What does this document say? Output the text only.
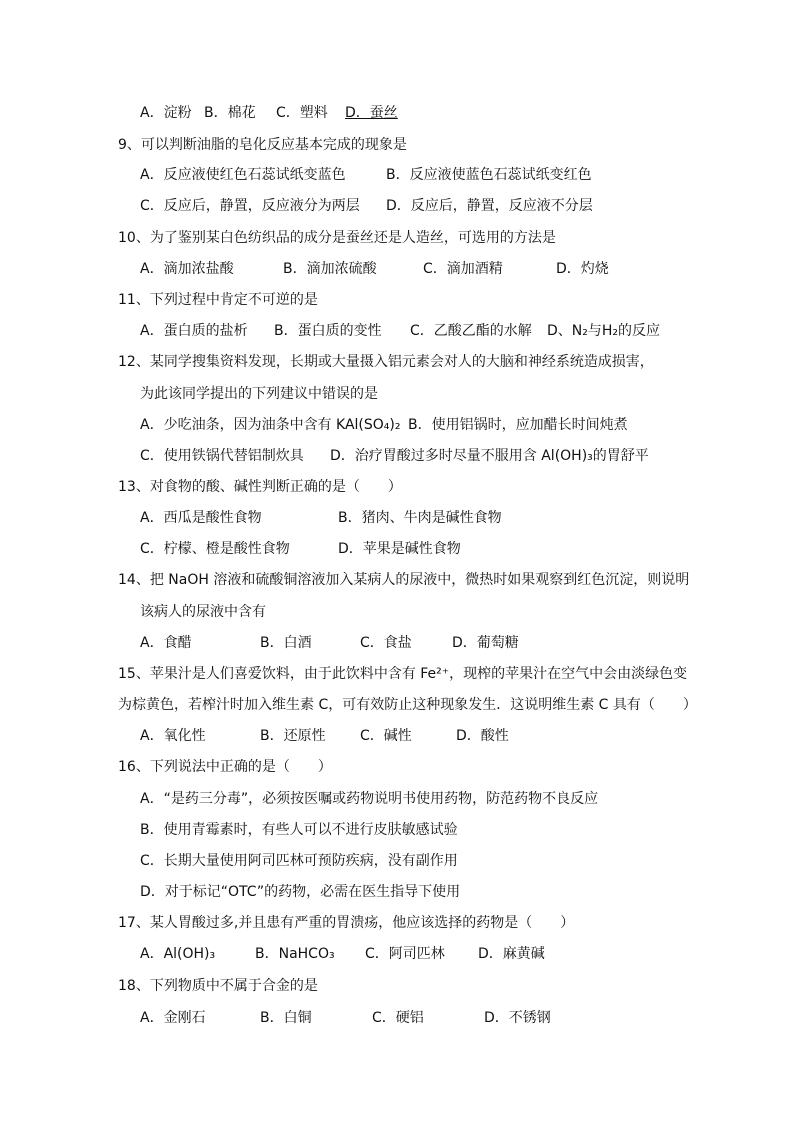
A．淀粉 B．棉花 C．塑料 D．蚕丝
9、可以判断油脂的皂化反应基本完成的现象是
A．反应液使红色石蕊试纸变蓝色	B．反应液使蓝色石蕊试纸变红色
C．反应后，静置，反应液分为两层 D．反应后，静置，反应液不分层
10、为了鉴别某白色纺织品的成分是蚕丝还是人造丝，可选用的方法是
A．滴加浓盐酸	B．滴加浓硫酸	C．滴加酒精	D．灼烧
11、下列过程中肯定不可逆的是
A．蛋白质的盐析 B．蛋白质的变性 C．乙酸乙酯的水解 D、N₂与H₂的反应
12、某同学搜集资料发现，长期或大量摄入铝元素会对人的大脑和神经系统造成损害，
为此该同学提出的下列建议中错误的是
A．少吃油条，因为油条中含有 KAl(SO₄)₂ B．使用铝锅时，应加醋长时间炖煮
C．使用铁锅代替铝制炊具 D．治疗胃酸过多时尽量不服用含 Al(OH)₃的胃舒平
13、对食物的酸、碱性判断正确的是（　　）
A．西瓜是酸性食物	B．猪肉、牛肉是碱性食物
C．柠檬、橙是酸性食物	D．苹果是碱性食物
14、把 NaOH 溶液和硫酸铜溶液加入某病人的尿液中，微热时如果观察到红色沉淀，则说明
该病人的尿液中含有
A．食醋	B．白酒	C．食盐	D．葡萄糖
15、苹果汁是人们喜爱饮料，由于此饮料中含有 Fe²⁺，现榨的苹果汁在空气中会由淡绿色变
为棕黄色，若榨汁时加入维生素 C，可有效防止这种现象发生．这说明维生素 C 具有（　　）
A．氧化性	B．还原性 C．碱性	D．酸性
16、下列说法中正确的是（　　）
A．“是药三分毒”，必须按医嘱或药物说明书使用药物，防范药物不良反应
B．使用青霉素时，有些人可以不进行皮肤敏感试验
C．长期大量使用阿司匹林可预防疾病，没有副作用
D．对于标记“OTC”的药物，必需在医生指导下使用
17、某人胃酸过多,并且患有严重的胃溃疡，他应该选择的药物是（　　）
A．Al(OH)₃	B．NaHCO₃ C．阿司匹林 D．麻黄碱
18、下列物质中不属于合金的是
A．金刚石	B．白铜	C．硬铝	D．不锈钢
